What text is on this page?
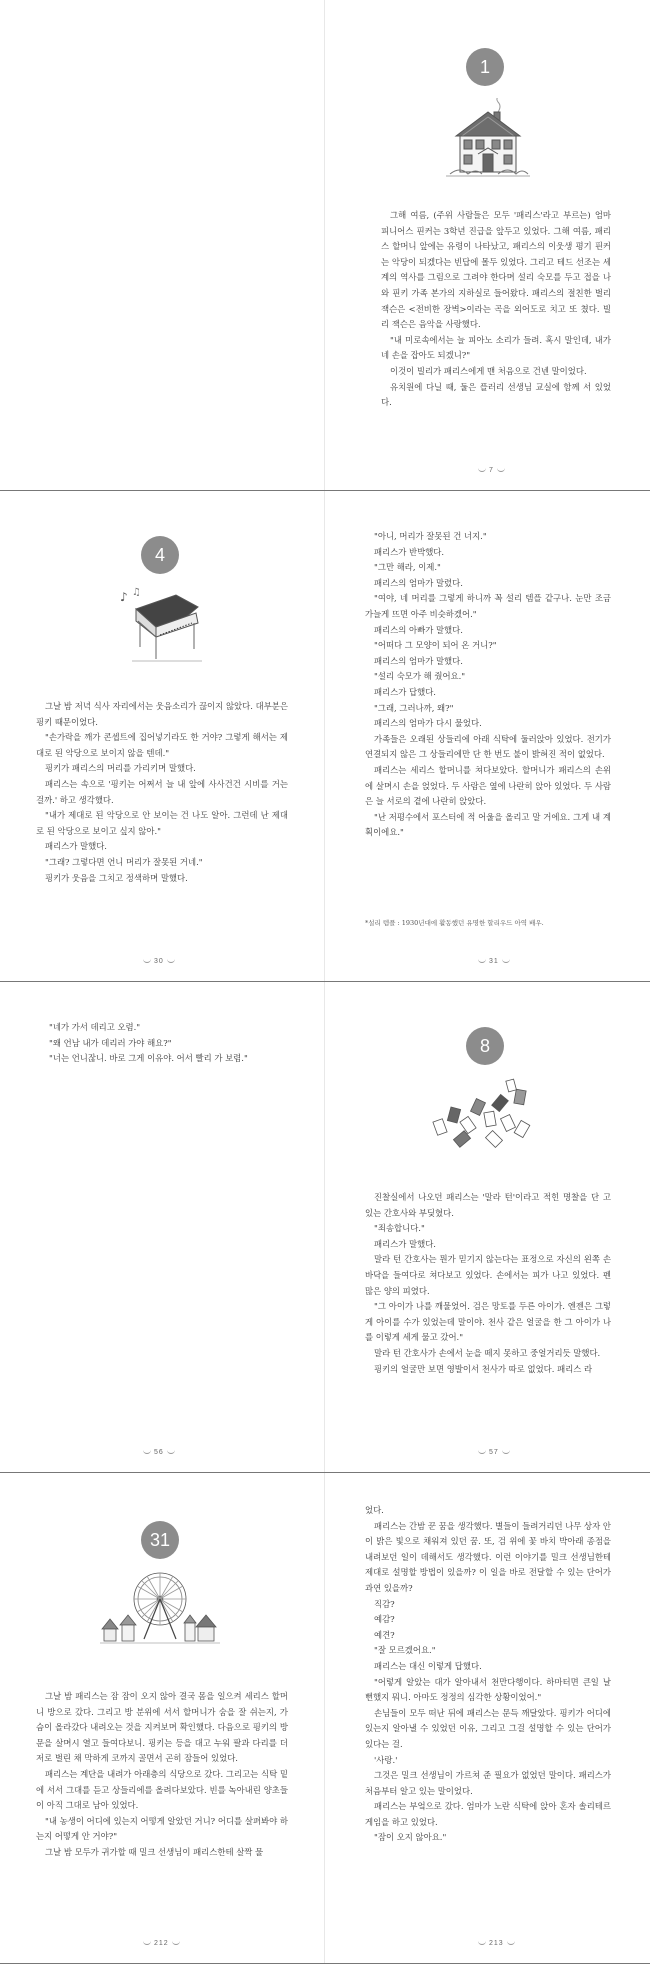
1

그해 여름, (주위 사람들은 모두 '패리스'라고 부르는) 엄마 피니어스 핀커는 3학년 진급을 앞두고 있었다. 그해 여름, 패리스 할머니 앞에는 유령이 나타났고, 패리스의 이웃생 평기 핀커는 악당이 되겠다는 빈답에 몰두 있었다. 그리고 테드 선조는 세계의 역사를 그림으로 그려야 한다며 설리 숙모를 두고 접을 나와 핀키 가족 본가의 지하실로 들어왔다. 패리스의 절친한 벌리 잭슨은 <전비한 장벽>이라는 곡을 외어도로 치고 또 쳤다. 빌리 잭슨은 음악을 사랑했다.

"내 미로속에서는 늘 피아노 소리가 들려. 혹시 말인데, 내가 네 손을 잡아도 되겠니?"

이것이 빌리가 패리스에게 맨 처음으로 건넨 말이었다.

유치원에 다닐 때, 둘은 플러리 선생님 교실에 함께 서 있었다.

7
4
♪ ♫

그날 밤 저녁 식사 자리에서는 웃음소리가 끊이지 않았다. 대부분은 핑키 때문이었다.

"손가락을 깨가 콘셉트에 집어넣기라도 한 거야? 그렇게 해서는 제대로 된 악당으로 보이지 않을 텐데."

핑키가 패리스의 머리를 가리키며 말했다.

패리스는 속으로 '핑키는 어쩌서 늘 내 앞에 사사건건 시비를 거는 걸까.' 하고 생각했다.

"내가 제대로 된 악당으로 안 보이는 건 나도 알아. 그런데 난 제대로 된 악당으로 보이고 싶지 않아."

패리스가 말했다.

"그래? 그렇다면 언니 머리가 잘못된 거네."

핑키가 웃음을 그치고 정색하며 말했다.

30

"아니, 머리가 잘못된 건 너지."

패리스가 반박했다.

"그만 해라, 이제."

패리스의 엄마가 말렸다.

"여야, 네 머리를 그렇게 하니까 꼭 설리 템플 같구나. 눈만 조금 가늘게 뜨면 아주 비슷하겠어."

패리스의 아빠가 말했다.

"어떠다 그 모양이 되어 온 거니?"

패리스의 엄마가 말했다.

"설리 숙모가 해 줬어요."

패리스가 답했다.

"그래, 그러나까, 왜?"

패리스의 엄마가 다시 물었다.

가족들은 오래된 상들리에 아래 식탁에 둘러앉아 있었다. 전기가 연결되지 않은 그 상들리에만 단 한 번도 불이 밝혀진 적이 없었다.

패리스는 세리스 할머니를 쳐다보았다. 할머니가 패리스의 손위에 살며시 손을 얹었다. 두 사람은 옆에 나란히 앉아 있었다. 두 사람은 늘 서로의 곁에 나란히 앉았다.

"난 저평수에서 포스터에 적 어울을 올리고 말 거에요. 그게 내 계획이에요."

*설리 템플 : 1930년대에 활동했던 유명한 할리우드 아역 배우.
31

"네가 가서 데리고 오렴."

"왜 언남 내가 데리러 가야 해요?"

"너는 언니잖니. 바로 그게 이유야. 어서 빨리 가 보렴."

56
8

진찰실에서 나오던 패리스는 '말라 턴'이라고 적힌 명찰을 단 고 있는 간호사와 부딪혔다.

"죄송합니다."

패리스가 말했다.

말라 턴 간호사는 뭔가 믿기지 않는다는 표정으로 자신의 왼쪽 손바닥을 들여다로 쳐다보고 있었다. 손에서는 피가 나고 있었다. 펜 많은 양의 피였다.

"그 아이가 나를 깨물었어. 검은 망토를 두른 아이가. 엔젠은 그렇게 아이를 수가 있었는데 말이야. 천사 같은 얼굴을 한 그 아이가 나를 이렇게 세게 물고 갔어."

말라 턴 간호사가 손에서 눈을 떼지 못하고 중얼거리듯 말했다.

핑키의 얼굴만 보면 영발이서 천사가 따로 없었다. 패리스 라

57
31

그날 밤 패리스는 잠 잠이 오지 않아 결국 몸을 일으켜 세리스 할머니 방으로 갔다. 그리고 방 분위에 서서 할머니가 숨을 잘 쉬는지, 가슴이 올라갔다 내려오는 것을 지켜보며 확인했다. 다음으로 핑키의 방 문을 살며시 열고 들여다보니. 핑키는 등을 대고 누워 팔과 다리를 더저로 벌린 채 막하게 코까지 골면서 곤히 잠들어 있었다.

패리스는 계단을 내려가 아래층의 식당으로 갔다. 그리고는 식탁 밑에 서서 그대를 듣고 상들리에를 올려다보았다. 빈를 녹아내린 양초들이 아직 그대로 남아 있었다.

"내 농생이 어디에 있는지 어떻게 알았던 거니? 어디를 살펴봐야 하는지 어떻게 안 거야?"

그날 밤 모두가 귀가할 때 밀크 선생님이 패리스한테 살짝 물

212

었다.

패리스는 간밤 꾼 꿈을 생각했다. 별들이 들려거리던 나무 상자 안이 밝은 빛으로 채워져 있던 꿈. 또, 검 위에 꽃 바치 박아래 종점을 내려보던 일이 데해서도 생각했다. 이런 이야기를 밀크 선생님한테 제대로 설명할 방법이 있을까? 이 일을 바로 전달할 수 있는 단어가 과연 있을까?

직감?

예감?

예견?

"잘 모르겠어요."

패리스는 대신 이렇게 답했다.

"어렇게 알았는 대가 알아내서 천만다행이다. 하마터면 큰일 날 뻔했지 뭐니. 아마도 정정의 심각한 상황이었어."

손님들이 모두 떠난 뒤에 패리스는 문득 깨달았다. 핑키가 어디에 있는지 알아낼 수 있었던 이유, 그리고 그걸 설명할 수 있는 단어가 있다는 걸.

'사랑.'

그것은 밀크 선생님이 가르쳐 준 필요가 없었던 말이다. 패리스가 처음부터 알고 있는 말이었다.

패리스는 부엌으로 갔다. 엄마가 노란 식탁에 앉아 혼자 솔리테르 게임을 하고 있었다.

"잠이 오지 않아요."

213
